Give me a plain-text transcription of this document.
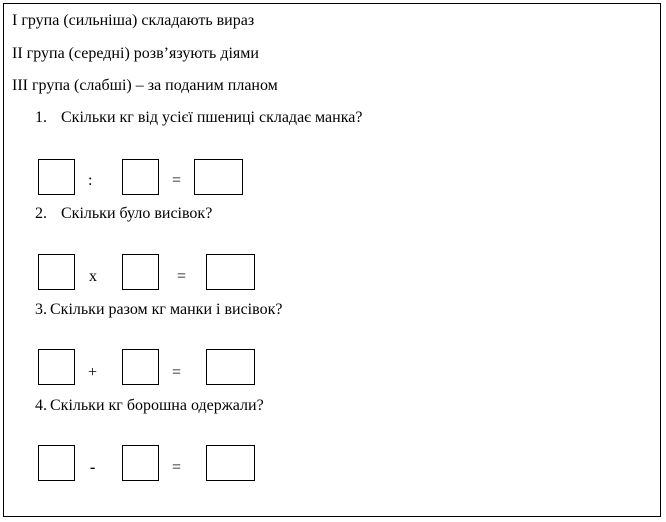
І група (сильніша) складають вираз
ІІ група (середні) розв’язують діями
ІІІ група (слабші) – за поданим планом
1. Скільки кг від усієї пшениці складає манка?
:	=
2. Скільки було висівок?
x	=
3. Скільки разом кг манки і висівок?
+	=
4. Скільки кг борошна одержали?
-	=
